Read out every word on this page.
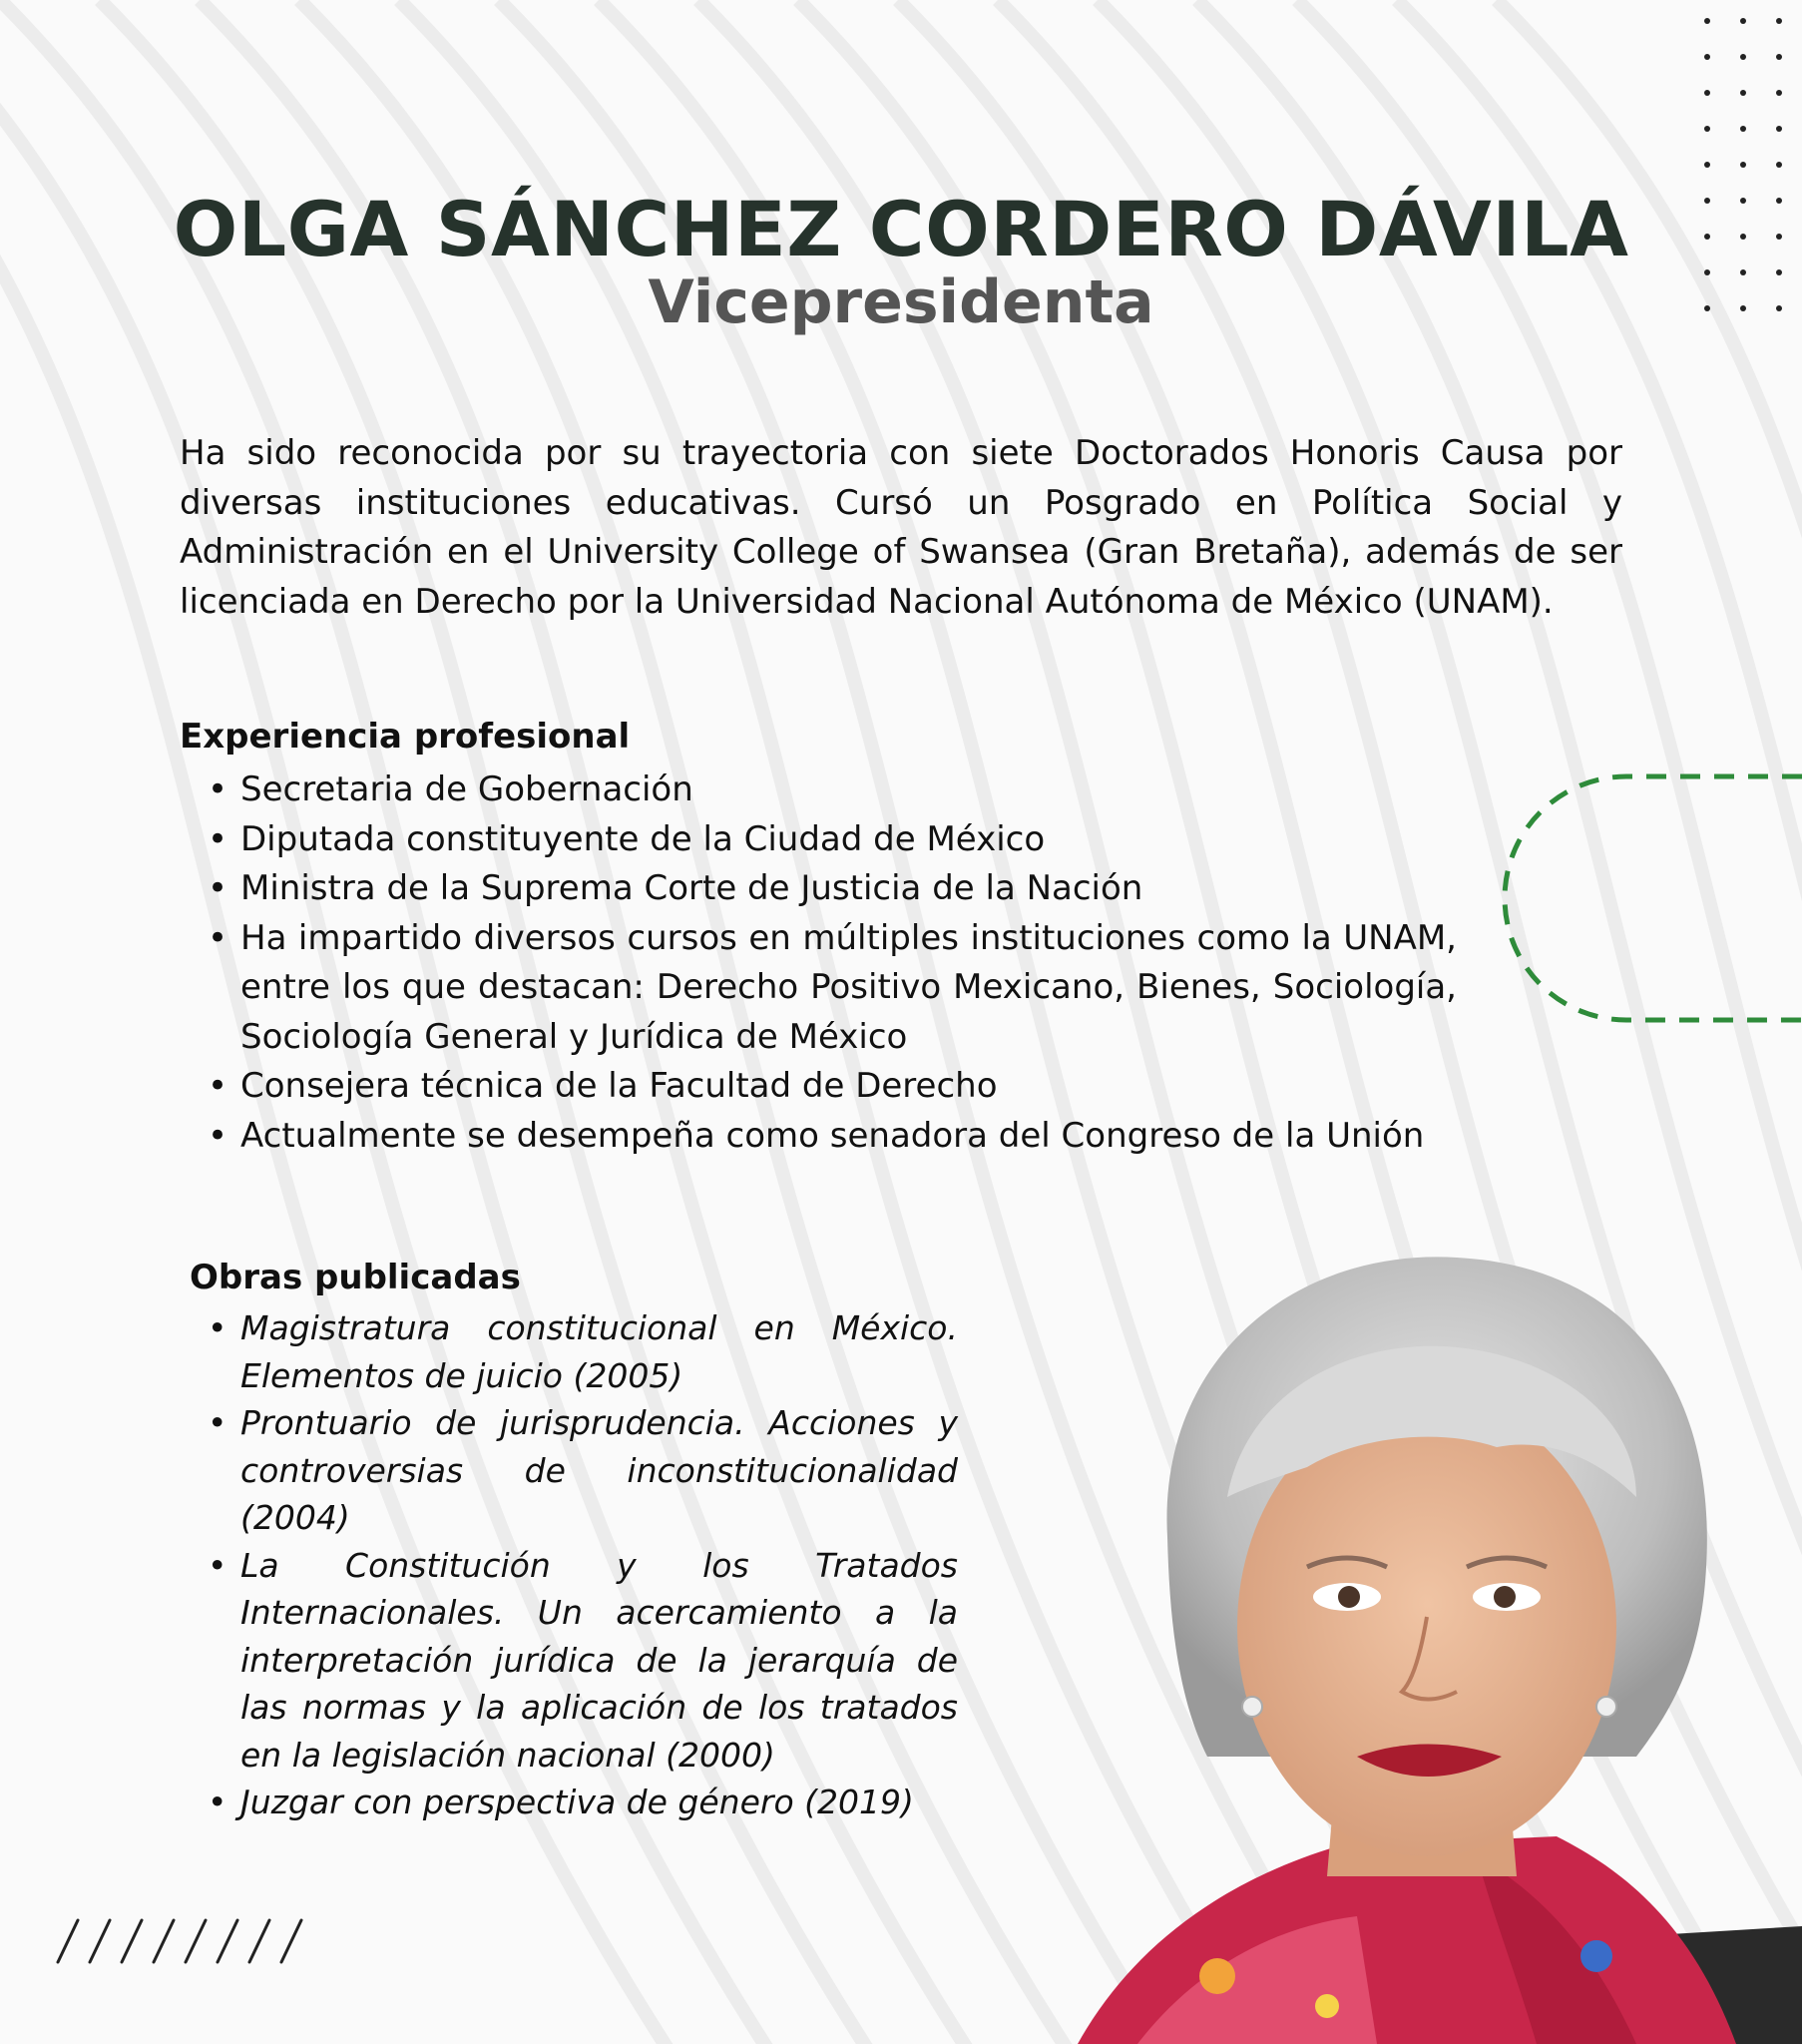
OLGA SÁNCHEZ CORDERO DÁVILA
Vicepresidenta

Ha sido reconocida por su trayectoria con siete Doctorados Honoris Causa por diversas instituciones educativas. Cursó un Posgrado en Política Social y Administración en el University College of Swansea (Gran Bretaña), además de ser licenciada en Derecho por la Universidad Nacional Autónoma de México (UNAM).

Experiencia profesional
• Secretaria de Gobernación
• Diputada constituyente de la Ciudad de México
• Ministra de la Suprema Corte de Justicia de la Nación
• Ha impartido diversos cursos en múltiples instituciones como la UNAM, entre los que destacan: Derecho Positivo Mexicano, Bienes, Sociología, Sociología General y Jurídica de México
• Consejera técnica de la Facultad de Derecho
• Actualmente se desempeña como senadora del Congreso de la Unión
Obras publicadas
• Magistratura constitucional en México. Elementos de juicio (2005)
• Prontuario de jurisprudencia. Acciones y controversias de inconstitucionalidad (2004)
• La Constitución y los Tratados Internacionales. Un acercamiento a la interpretación jurídica de la jerarquía de las normas y la aplicación de los tratados en la legislación nacional (2000)
• Juzgar con perspectiva de género (2019)
